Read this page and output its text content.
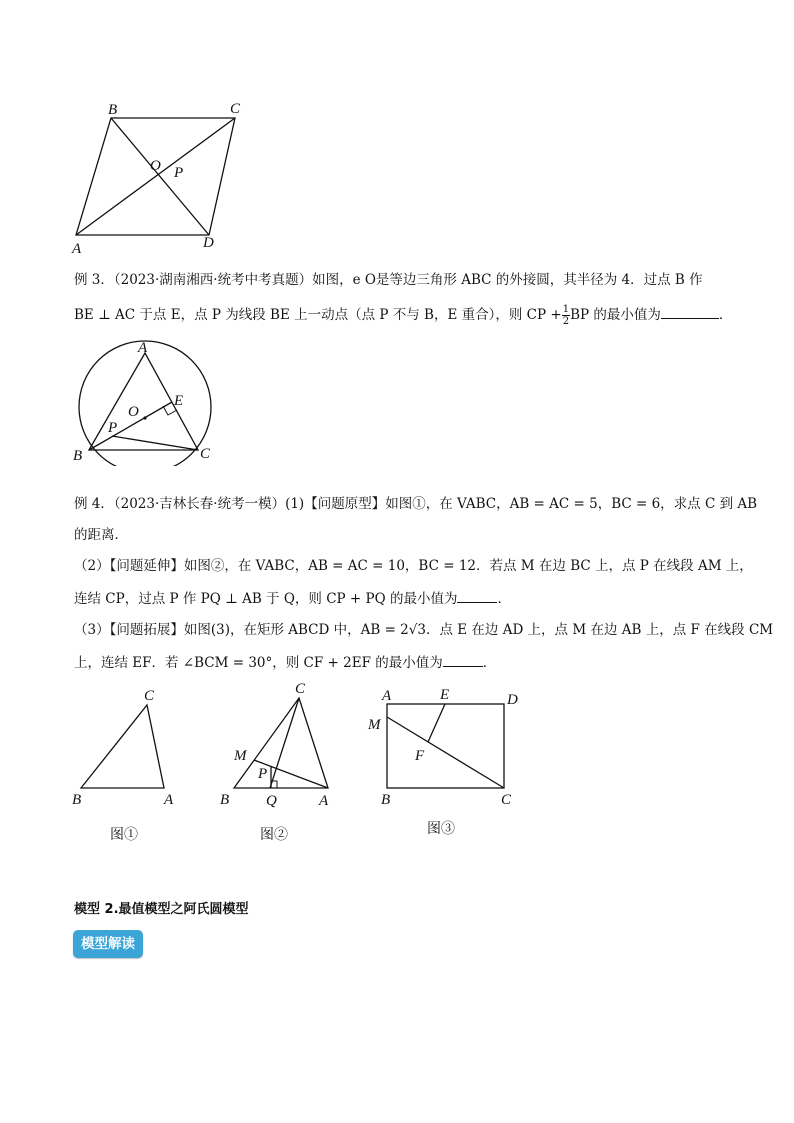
B	C
A	D
O P
例 3．（2023·湖南湘西·统考中考真题）如图，e O是等边三角形 ABC 的外接圆，其半径为 4．过点 B 作
BE ⊥ AC 于点 E，点 P 为线段 BE 上一动点（点 P 不与 B，E 重合），则 CP + $\frac{1}{2}$ BP 的最小值为	．
A
B	C
O
E
P
例 4．（2023·吉林长春·统考一模）(1)【问题原型】如图①，在 VABC，AB = AC = 5，BC = 6，求点 C 到 AB
的距离．
（2）【问题延伸】如图②，在 VABC，AB = AC = 10，BC = 12．若点 M 在边 BC 上，点 P 在线段 AM 上，
连结 CP，过点 P 作 PQ ⊥ AB 于 Q，则 CP + PQ 的最小值为	．
（3）【问题拓展】如图(3)，在矩形 ABCD 中，AB = 2√3．点 E 在边 AD 上，点 M 在边 AB 上，点 F 在线段 CM
上，连结 EF．若 ∠BCM = 30°，则 CF + 2EF 的最小值为	．
C
B	A
图①
C
M
P
B Q	A
图②
A	E	D
M
F
B	C
图③
模型 2.最值模型之阿氏圆模型
模型解读
